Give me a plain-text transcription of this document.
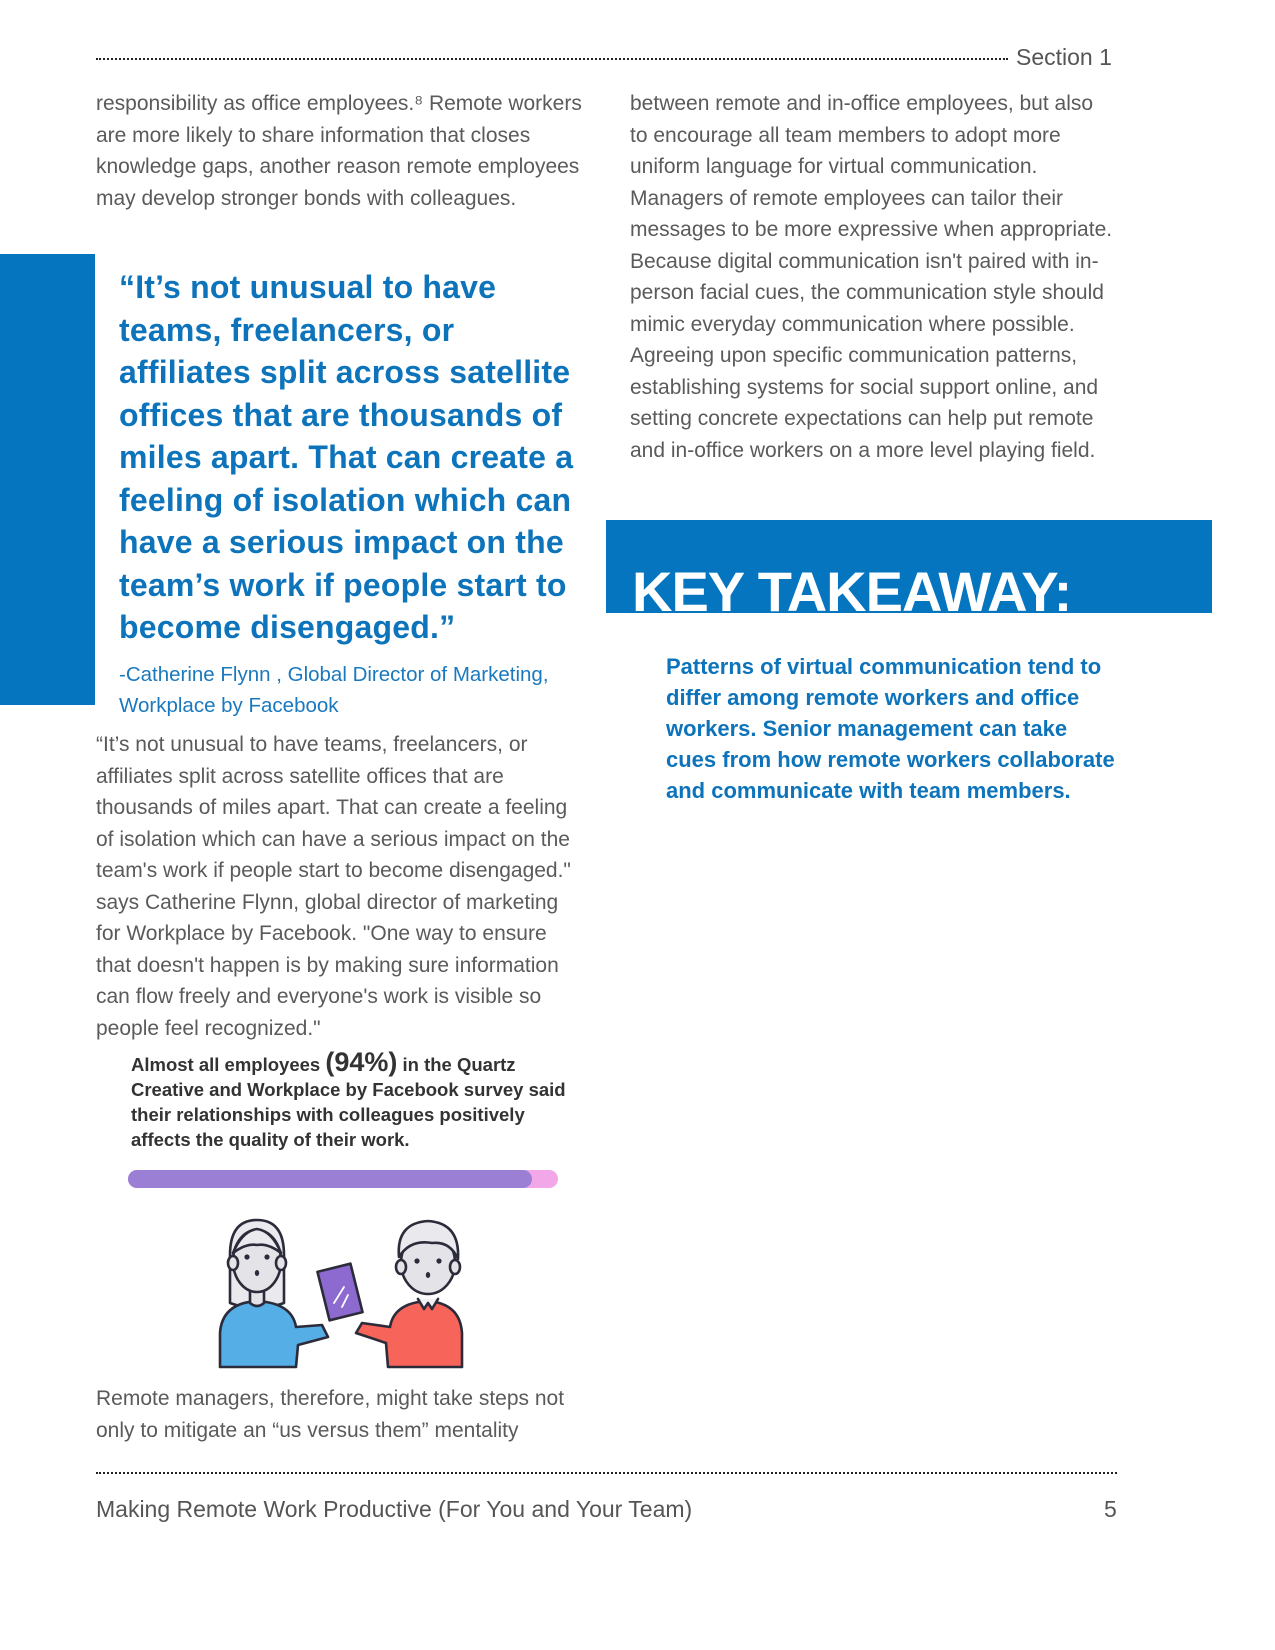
Section 1

responsibility as office employees.⁸ Remote workers are more likely to share information that closes knowledge gaps, another reason remote employees may develop stronger bonds with colleagues.

“It’s not unusual to have teams, freelancers, or affiliates split across satellite offices that are thousands of miles apart. That can create a feeling of isolation which can have a serious impact on the team’s work if people start to become disengaged.”

-Catherine Flynn , Global Director of Marketing,
Workplace by Facebook

“It’s not unusual to have teams, freelancers, or affiliates split across satellite offices that are thousands of miles apart. That can create a feeling of isolation which can have a serious impact on the team's work if people start to become disengaged." says Catherine Flynn, global director of marketing for Workplace by Facebook. "One way to ensure that doesn't happen is by making sure information can flow freely and everyone's work is visible so people feel recognized."

Almost all employees (94%) in the Quartz Creative and Workplace by Facebook survey said their relationships with colleagues positively affects the quality of their work.

Remote managers, therefore, might take steps not only to mitigate an “us versus them” mentality

between remote and in-office employees, but also to encourage all team members to adopt more uniform language for virtual communication. Managers of remote employees can tailor their messages to be more expressive when appropriate. Because digital communication isn't paired with in-person facial cues, the communication style should mimic everyday communication where possible. Agreeing upon specific communication patterns, establishing systems for social support online, and setting concrete expectations can help put remote and in-office workers on a more level playing field.

KEY TAKEAWAY:

Patterns of virtual communication tend to differ among remote workers and office workers. Senior management can take cues from how remote workers collaborate and communicate with team members.

Making Remote Work Productive (For You and Your Team)	5
